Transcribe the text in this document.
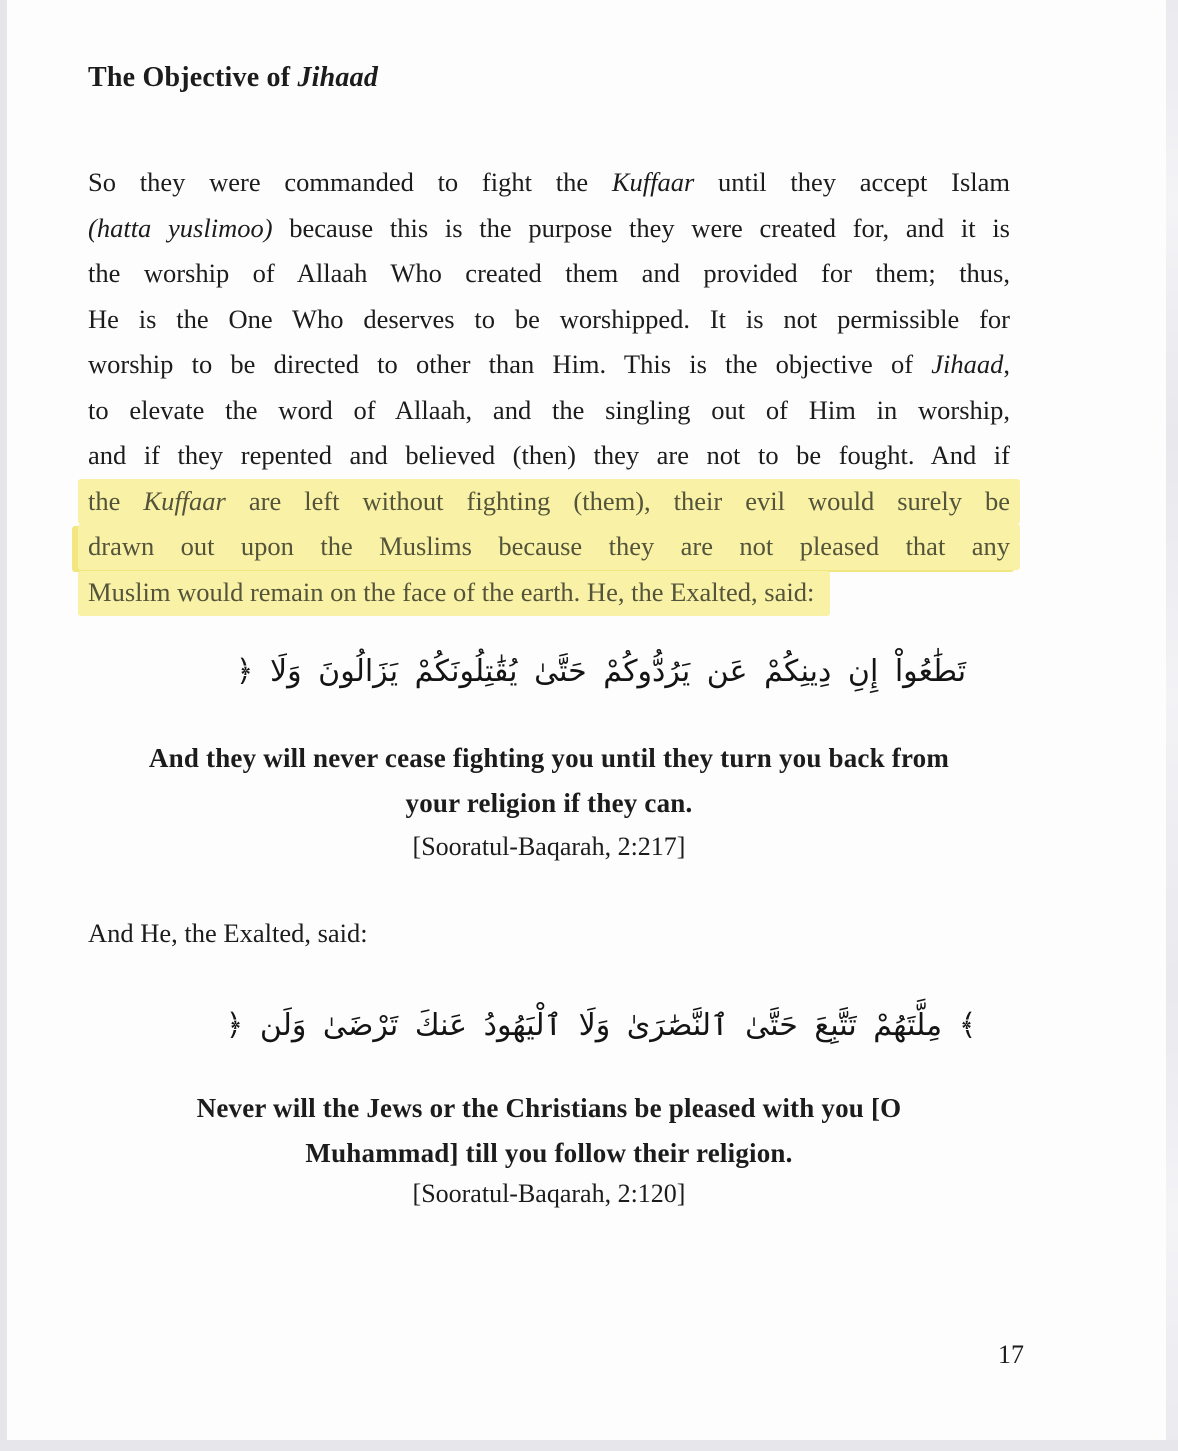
The Objective of Jihaad
So they were commanded to fight the Kuffaar until they accept Islam
(hatta yuslimoo) because this is the purpose they were created for, and it is
the worship of Allaah Who created them and provided for them; thus,
He is the One Who deserves to be worshipped. It is not permissible for
worship to be directed to other than Him. This is the objective of Jihaad,
to elevate the word of Allaah, and the singling out of Him in worship,
and if they repented and believed (then) they are not to be fought. And if
the Kuffaar are left without fighting (them), their evil would surely be
drawn out upon the Muslims because they are not pleased that any
Muslim would remain on the face of the earth. He, the Exalted, said:
﴿ وَلَا يَزَالُونَ يُقَٰتِلُونَكُمْ حَتَّىٰ يَرُدُّوكُمْ عَن دِينِكُمْ إِنِ تَطَٰعُواْ
And they will never cease fighting you until they turn you back from
your religion if they can.
[Sooratul-Baqarah, 2:217]
And He, the Exalted, said:
﴿ وَلَن تَرْضَىٰ عَنكَ ٱلْيَهُودُ وَلَا ٱلنَّصَٰرَىٰ حَتَّىٰ تَتَّبِعَ مِلَّتَهُمْ ﴾
Never will the Jews or the Christians be pleased with you [O
Muhammad] till you follow their religion.
[Sooratul-Baqarah, 2:120]
17
